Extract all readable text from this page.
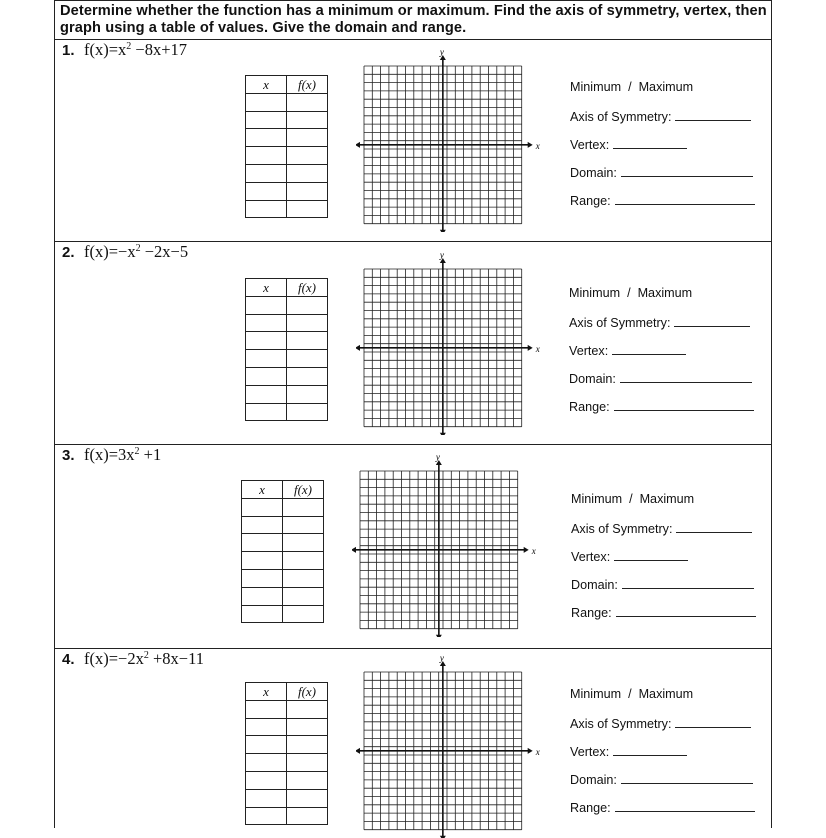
Determine whether the function has a minimum or maximum. Find the axis of symmetry, vertex, then graph using a table of values. Give the domain and range.
1. $f(x)=x^2 -8x+17$
2. $f(x)=-x^2 -2x-5$
3. $f(x)=3x^2 +1$
4. $f(x)=-2x^2 +8x-11$
x	f(x)

y
x
Minimum  /  Maximum
Axis of Symmetry:
Vertex:
Domain:
Range:
x	f(x)

y
x
Minimum  /  Maximum
Axis of Symmetry:
Vertex:
Domain:
Range:
x	f(x)

y
x
Minimum  /  Maximum
Axis of Symmetry:
Vertex:
Domain:
Range:
x	f(x)

y
x
Minimum  /  Maximum
Axis of Symmetry:
Vertex:
Domain:
Range:
